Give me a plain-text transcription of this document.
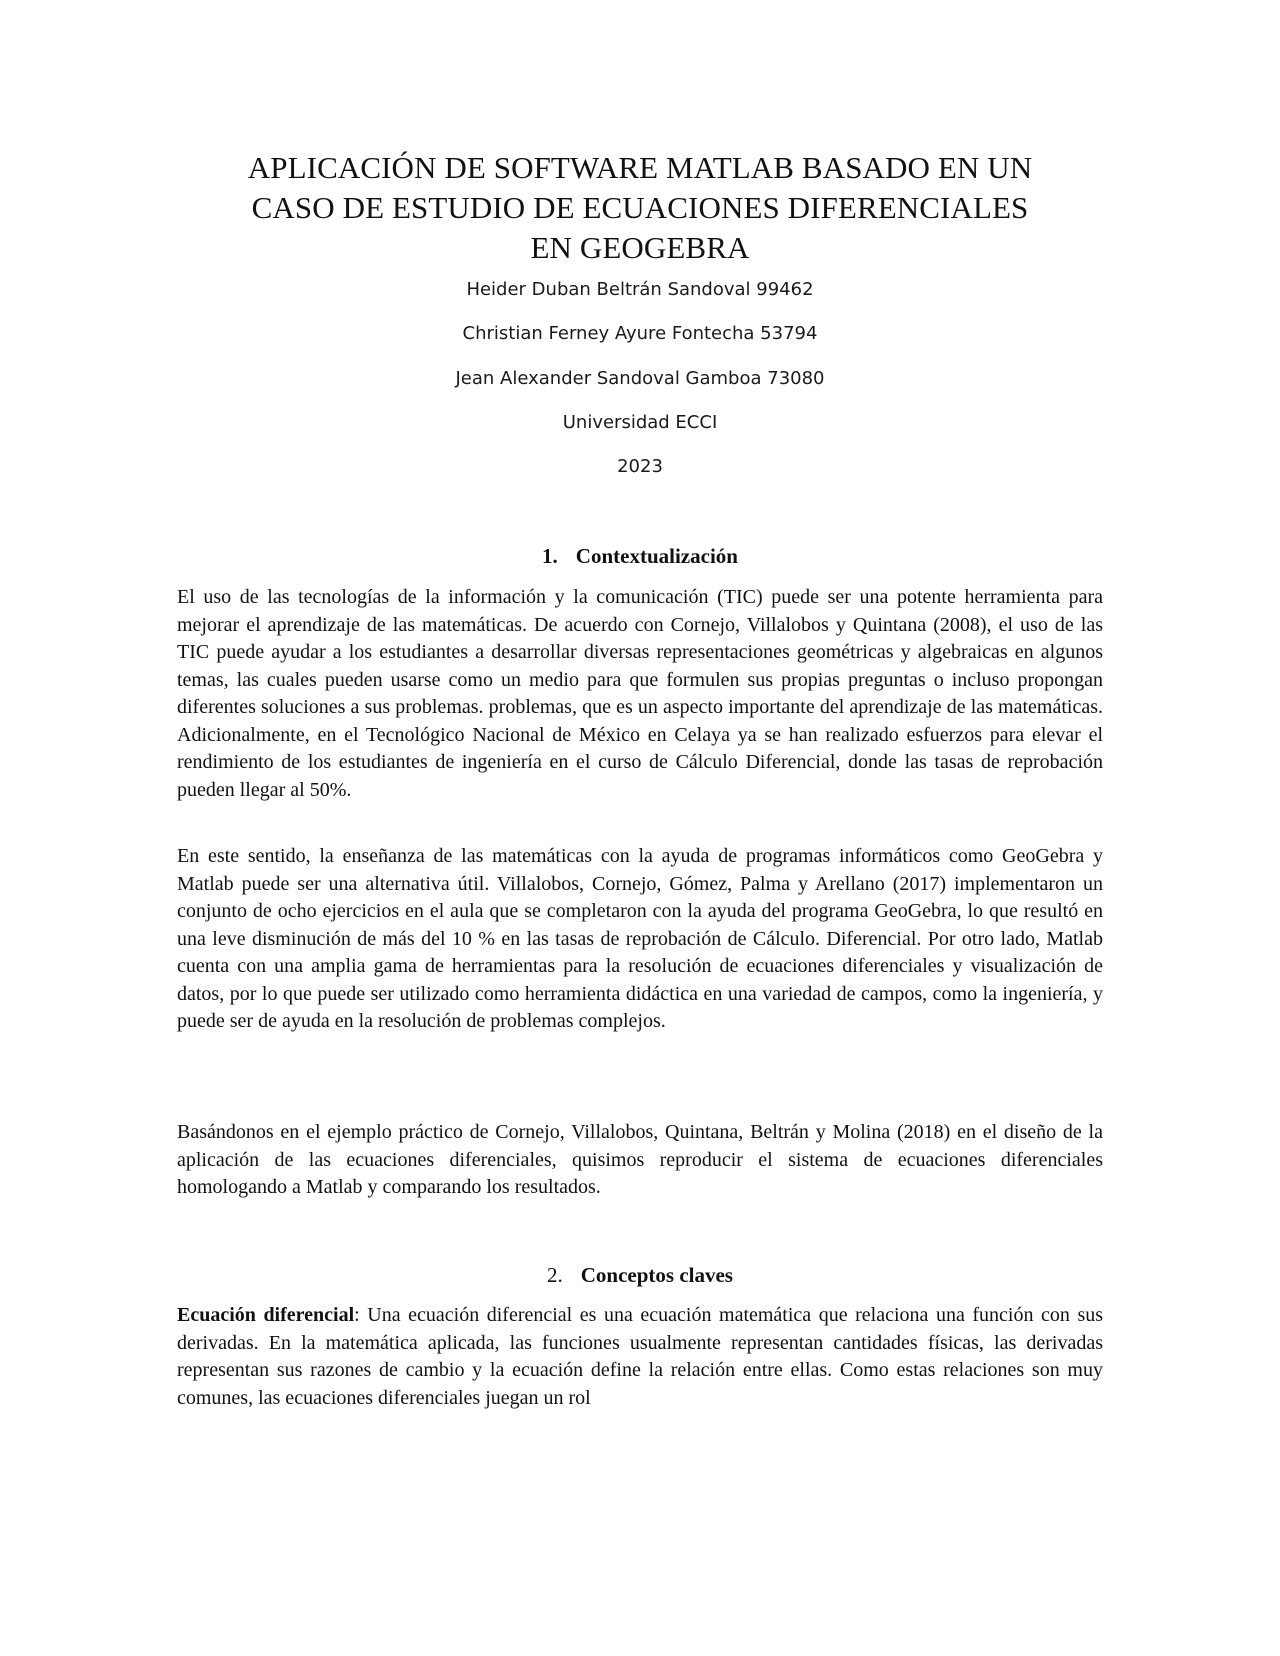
APLICACIÓN DE SOFTWARE MATLAB BASADO EN UN
CASO DE ESTUDIO DE ECUACIONES DIFERENCIALES
EN GEOGEBRA
Heider Duban Beltrán Sandoval 99462
Christian Ferney Ayure Fontecha 53794
Jean Alexander Sandoval Gamboa 73080
Universidad ECCI
2023
1. Contextualización

El uso de las tecnologías de la información y la comunicación (TIC) puede ser una potente herramienta para mejorar el aprendizaje de las matemáticas. De acuerdo con Cornejo, Villalobos y Quintana (2008), el uso de las TIC puede ayudar a los estudiantes a desarrollar diversas representaciones geométricas y algebraicas en algunos temas, las cuales pueden usarse como un medio para que formulen sus propias preguntas o incluso propongan diferentes soluciones a sus problemas. problemas, que es un aspecto importante del aprendizaje de las matemáticas. Adicionalmente, en el Tecnológico Nacional de México en Celaya ya se han realizado esfuerzos para elevar el rendimiento de los estudiantes de ingeniería en el curso de Cálculo Diferencial, donde las tasas de reprobación pueden llegar al 50%.

En este sentido, la enseñanza de las matemáticas con la ayuda de programas informáticos como GeoGebra y Matlab puede ser una alternativa útil. Villalobos, Cornejo, Gómez, Palma y Arellano (2017) implementaron un conjunto de ocho ejercicios en el aula que se completaron con la ayuda del programa GeoGebra, lo que resultó en una leve disminución de más del 10 % en las tasas de reprobación de Cálculo. Diferencial. Por otro lado, Matlab cuenta con una amplia gama de herramientas para la resolución de ecuaciones diferenciales y visualización de datos, por lo que puede ser utilizado como herramienta didáctica en una variedad de campos, como la ingeniería, y puede ser de ayuda en la resolución de problemas complejos.

Basándonos en el ejemplo práctico de Cornejo, Villalobos, Quintana, Beltrán y Molina (2018) en el diseño de la aplicación de las ecuaciones diferenciales, quisimos reproducir el sistema de ecuaciones diferenciales homologando a Matlab y comparando los resultados.

2. Conceptos claves

Ecuación diferencial: Una ecuación diferencial es una ecuación matemática que relaciona una función con sus derivadas. En la matemática aplicada, las funciones usualmente representan cantidades físicas, las derivadas representan sus razones de cambio y la ecuación define la relación entre ellas. Como estas relaciones son muy comunes, las ecuaciones diferenciales juegan un rol
